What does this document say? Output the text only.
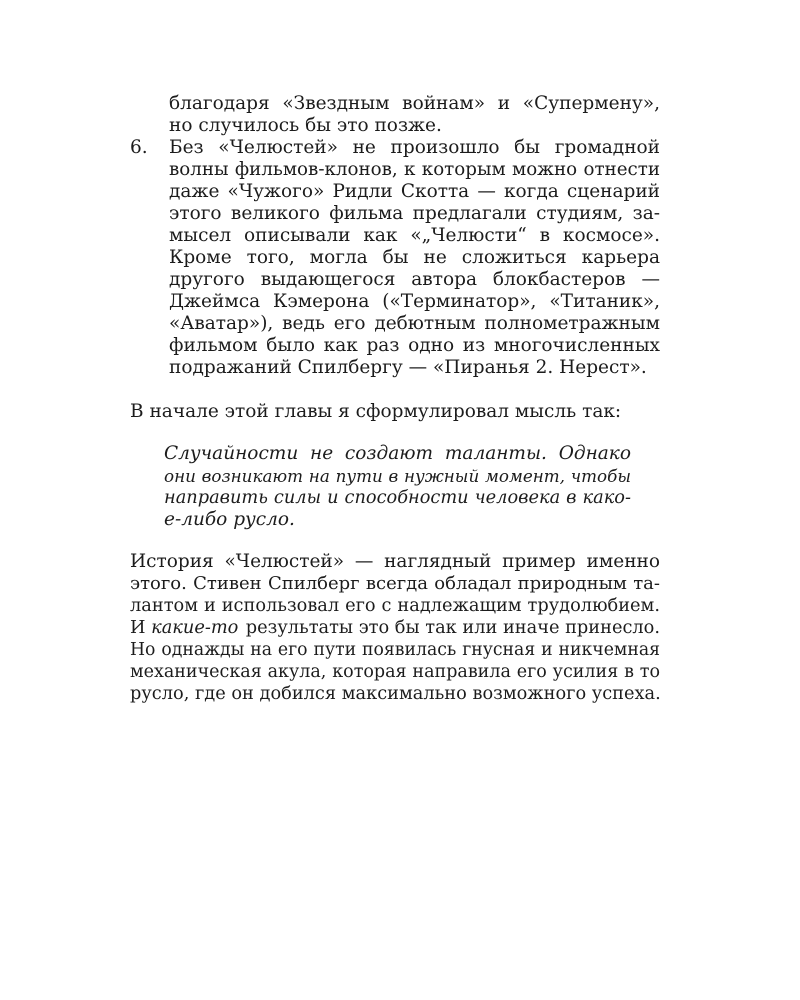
благодаря «Звездным войнам» и «Супермену»,
но случилось бы это позже.
6. Без «Челюстей» не произошло бы громадной
волны фильмов-клонов, к которым можно отнести
даже «Чужого» Ридли Скотта — когда сценарий
этого великого фильма предлагали студиям, за-
мысел описывали как «„Челюсти“ в космосе».
Кроме того, могла бы не сложиться карьера
другого выдающегося автора блокбастеров —
Джеймса Кэмерона («Терминатор», «Титаник»,
«Аватар»), ведь его дебютным полнометражным
фильмом было как раз одно из многочисленных
подражаний Спилбергу — «Пиранья 2. Нерест».
В начале этой главы я сформулировал мысль так:
Случайности не создают таланты. Однако
они возникают на пути в нужный момент, чтобы
направить силы и способности человека в како-
е-либо русло.
История «Челюстей» — наглядный пример именно
этого. Стивен Спилберг всегда обладал природным та-
лантом и использовал его с надлежащим трудолюбием.
И какие-то результаты это бы так или иначе принесло.
Но однажды на его пути появилась гнусная и никчемная
механическая акула, которая направила его усилия в то
русло, где он добился максимально возможного успеха.
